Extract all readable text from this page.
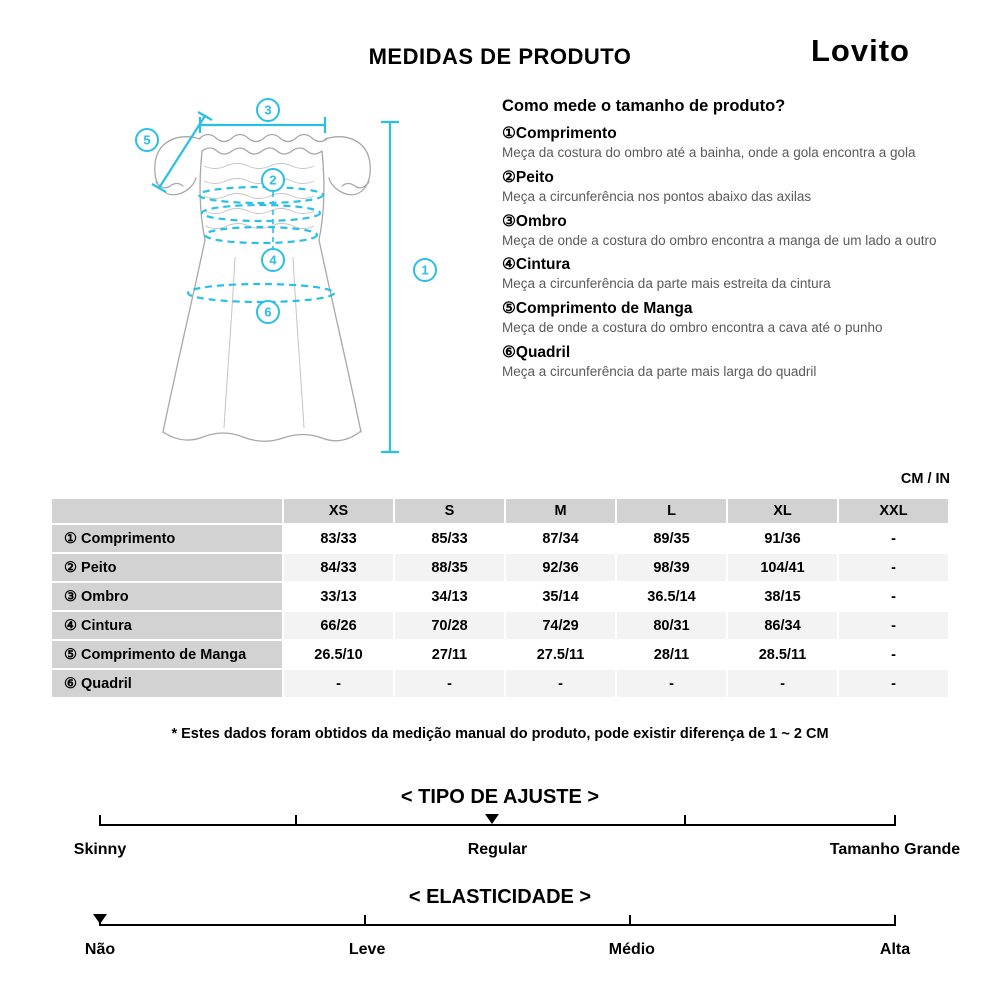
MEDIDAS DE PRODUTO	Lovito
3
5
2
4
6
1
Como mede o tamanho de produto?
①Comprimento
Meça da costura do ombro até a bainha, onde a gola encontra a gola
②Peito
Meça a circunferência nos pontos abaixo das axilas
③Ombro
Meça de onde a costura do ombro encontra a manga de um lado a outro
④Cintura
Meça a circunferência da parte mais estreita da cintura
⑤Comprimento de Manga
Meça de onde a costura do ombro encontra a cava até o punho
⑥Quadril
Meça a circunferência da parte mais larga do quadril
CM / IN
	XS	S	M	L	XL	XXL
① Comprimento	83/33	85/33	87/34	89/35	91/36	-
② Peito	84/33	88/35	92/36	98/39	104/41	-
③ Ombro	33/13	34/13	35/14	36.5/14	38/15	-
④ Cintura	66/26	70/28	74/29	80/31	86/34	-
⑤ Comprimento de Manga	26.5/10	27/11	27.5/11	28/11	28.5/11	-
⑥ Quadril	-	-	-	-	-	-
* Estes dados foram obtidos da medição manual do produto, pode existir diferença de 1 ~ 2 CM
< TIPO DE AJUSTE >
Skinny	Regular	Tamanho Grande
< ELASTICIDADE >
Não	Leve	Médio	Alta
